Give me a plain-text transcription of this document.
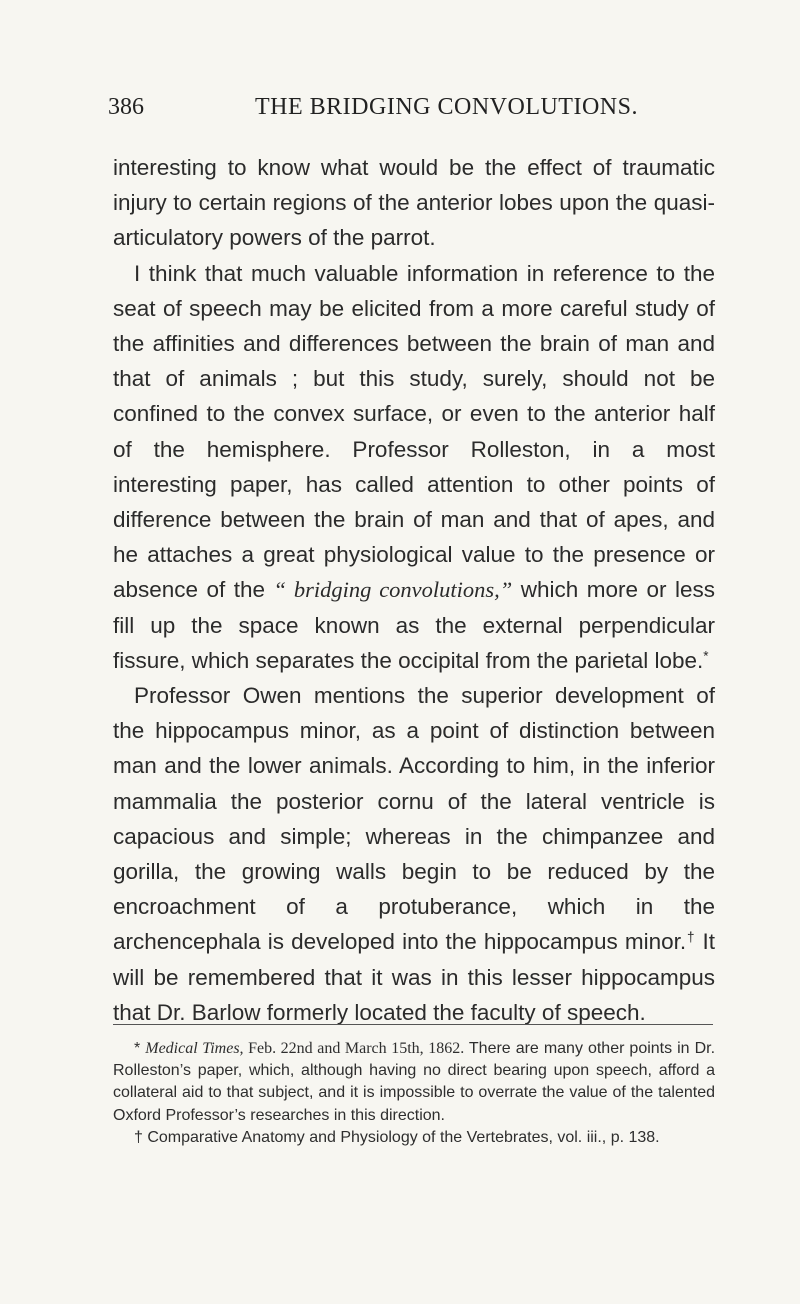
386	THE BRIDGING CONVOLUTIONS.

interesting to know what would be the effect of traumatic injury to certain regions of the anterior lobes upon the quasi-articulatory powers of the parrot.

I think that much valuable information in reference to the seat of speech may be elicited from a more careful study of the affinities and differences between the brain of man and that of animals ; but this study, surely, should not be confined to the convex surface, or even to the anterior half of the hemisphere. Professor Rolleston, in a most interesting paper, has called attention to other points of difference between the brain of man and that of apes, and he attaches a great physiological value to the presence or absence of the “ bridging convolutions,” which more or less fill up the space known as the external perpendicular fissure, which separates the occipital from the parietal lobe.*

Professor Owen mentions the superior development of the hippocampus minor, as a point of distinction between man and the lower animals. According to him, in the inferior mammalia the posterior cornu of the lateral ventricle is capacious and simple; whereas in the chimpanzee and gorilla, the growing walls begin to be reduced by the encroachment of a protuberance, which in the archencephala is developed into the hippocampus minor.† It will be remembered that it was in this lesser hippocampus that Dr. Barlow formerly located the faculty of speech.

* Medical Times, Feb. 22nd and March 15th, 1862. There are many other points in Dr. Rolleston’s paper, which, although having no direct bearing upon speech, afford a collateral aid to that subject, and it is impossible to overrate the value of the talented Oxford Professor’s researches in this direction.

† Comparative Anatomy and Physiology of the Vertebrates, vol. iii., p. 138.
